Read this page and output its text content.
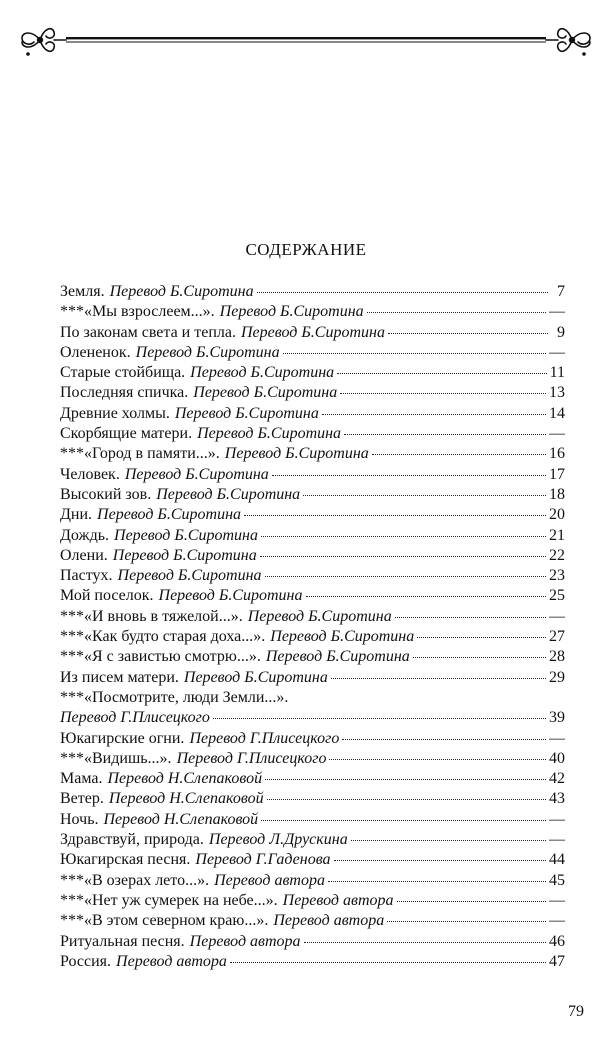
СОДЕРЖАНИЕ
Земля. Перевод Б.Сиротина	7
***«Мы взрослеем...». Перевод Б.Сиротина	—
По законам света и тепла. Перевод Б.Сиротина	9
Олененок. Перевод Б.Сиротина	—
Старые стойбища. Перевод Б.Сиротина	11
Последняя спичка. Перевод Б.Сиротина	13
Древние холмы. Перевод Б.Сиротина	14
Скорбящие матери. Перевод Б.Сиротина	—
***«Город в памяти...». Перевод Б.Сиротина	16
Человек. Перевод Б.Сиротина	17
Высокий зов. Перевод Б.Сиротина	18
Дни. Перевод Б.Сиротина	20
Дождь. Перевод Б.Сиротина	21
Олени. Перевод Б.Сиротина	22
Пастух. Перевод Б.Сиротина	23
Мой поселок. Перевод Б.Сиротина	25
***«И вновь в тяжелой...». Перевод Б.Сиротина	—
***«Как будто старая доха...». Перевод Б.Сиротина	27
***«Я с завистью смотрю...». Перевод Б.Сиротина	28
Из писем матери. Перевод Б.Сиротина	29
***«Посмотрите, люди Земли...».
Перевод Г.Плисецкого	39
Юкагирские огни. Перевод Г.Плисецкого	—
***«Видишь...». Перевод Г.Плисецкого	40
Мама. Перевод Н.Слепаковой	42
Ветер. Перевод Н.Слепаковой	43
Ночь. Перевод Н.Слепаковой	—
Здравствуй, природа. Перевод Л.Друскина	—
Юкагирская песня. Перевод Г.Гаденова	44
***«В озерах лето...». Перевод автора	45
***«Нет уж сумерек на небе...». Перевод автора	—
***«В этом северном краю...». Перевод автора	—
Ритуальная песня. Перевод автора	46
Россия. Перевод автора	47
79
